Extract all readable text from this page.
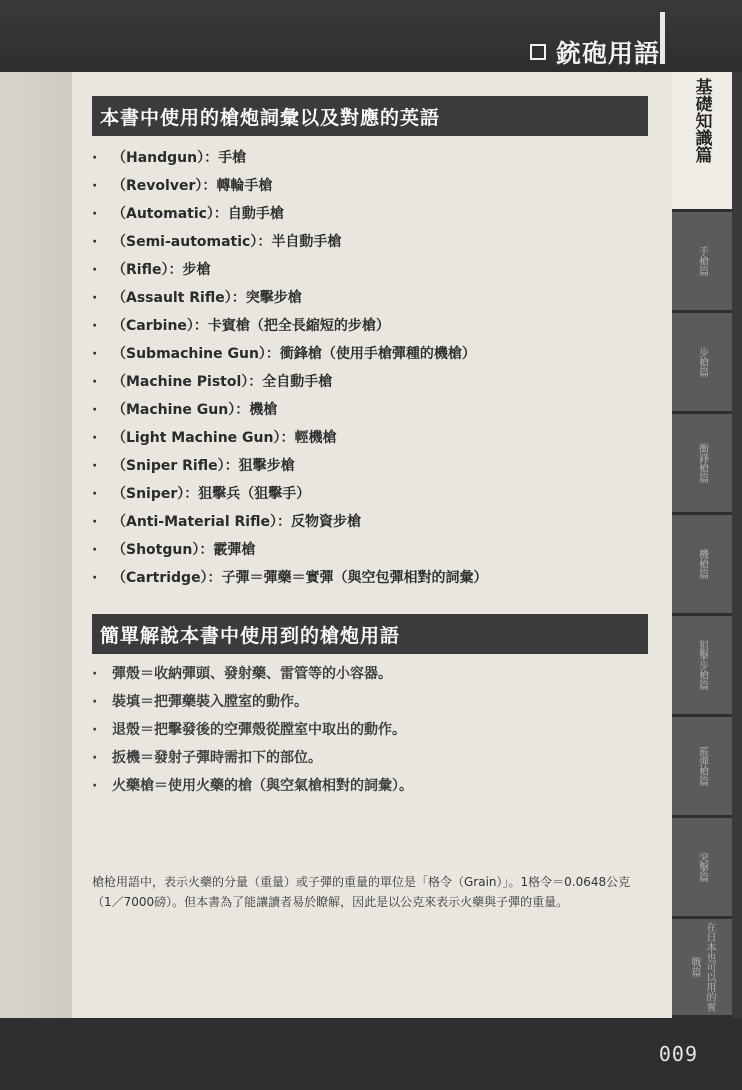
銃砲用語
基礎知識篇
手槍篇
步槍篇
衝鋒槍篇
機槍篇
狙擊步槍篇
霰彈槍篇
突擊篇
在日本也可以用的實戰篇
本書中使用的槍炮詞彙以及對應的英語
· （Handgun）：手槍
· （Revolver）：轉輪手槍
· （Automatic）：自動手槍
· （Semi-automatic）：半自動手槍
· （Rifle）：步槍
· （Assault Rifle）：突擊步槍
· （Carbine）：卡賓槍（把全長縮短的步槍）
· （Submachine Gun）：衝鋒槍（使用手槍彈種的機槍）
· （Machine Pistol）：全自動手槍
· （Machine Gun）：機槍
· （Light Machine Gun）：輕機槍
· （Sniper Rifle）：狙擊步槍
· （Sniper）：狙擊兵（狙擊手）
· （Anti-Material Rifle）：反物資步槍
· （Shotgun）：霰彈槍
· （Cartridge）：子彈＝彈藥＝實彈（與空包彈相對的詞彙）
簡單解說本書中使用到的槍炮用語
· 彈殼＝收納彈頭、發射藥、雷管等的小容器。
· 裝填＝把彈藥裝入膛室的動作。
· 退殼＝把擊發後的空彈殼從膛室中取出的動作。
· 扳機＝發射子彈時需扣下的部位。
· 火藥槍＝使用火藥的槍（與空氣槍相對的詞彙）。
槍枪用語中，表示火藥的分量（重量）或子彈的重量的單位是「格令（Grain）」。1格令＝0.0648公克（1／7000磅）。但本書為了能讓讀者易於瞭解，因此是以公克來表示火藥與子彈的重量。
009
